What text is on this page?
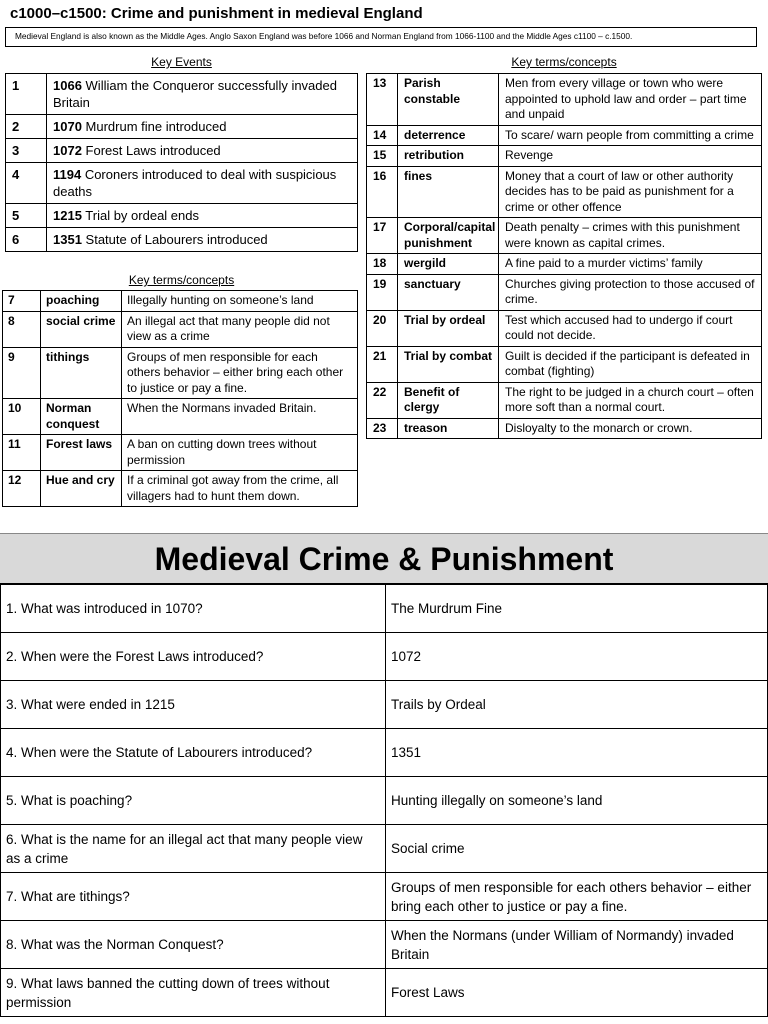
c1000–c1500: Crime and punishment in medieval England
Medieval England is also known as the Middle Ages. Anglo Saxon England was before 1066 and Norman England from 1066-1100 and the Middle Ages c1100 – c.1500.
Key Events	Key terms/concepts
1	1066 William the Conqueror successfully invaded Britain
2	1070 Murdrum fine introduced
3	1072 Forest Laws introduced
4	1194 Coroners introduced to deal with suspicious deaths
5	1215 Trial by ordeal ends
6	1351 Statute of Labourers introduced
Key terms/concepts
7	poaching	Illegally hunting on someone’s land
8	social crime	An illegal act that many people did not view as a crime
9	tithings	Groups of men responsible for each others behavior – either bring each other to justice or pay a fine.
10	Norman conquest	When the Normans invaded Britain.
11	Forest laws	A ban on cutting down trees without permission
12	Hue and cry	If a criminal got away from the crime, all villagers had to hunt them down.
13	Parish constable	Men from every village or town who were appointed to uphold law and order – part time and unpaid
14	deterrence	To scare/ warn people from committing a crime
15	retribution	Revenge
16	fines	Money that a court of law or other authority decides has to be paid as punishment for a crime or other offence
17	Corporal/capital punishment	Death penalty – crimes with this punishment were known as capital crimes.
18	wergild	A fine paid to a murder victims’ family
19	sanctuary	Churches giving protection to those accused of crime.
20	Trial by ordeal	Test which accused had to undergo if court could not decide.
21	Trial by combat	Guilt is decided if the participant is defeated in combat (fighting)
22	Benefit of clergy	The right to be judged in a church court – often more soft than a normal court.
23	treason	Disloyalty to the monarch or crown.
Medieval Crime & Punishment
1. What was introduced in 1070?	The Murdrum Fine
2. When were the Forest Laws introduced?	1072
3. What were ended in 1215	Trails by Ordeal
4. When were the Statute of Labourers introduced?	1351
5. What is poaching?	Hunting illegally on someone’s land
6. What is the name for an illegal act that many people view as a crime	Social crime
7. What are tithings?	Groups of men responsible for each others behavior – either bring each other to justice or pay a fine.
8. What was the Norman Conquest?	When the Normans (under William of Normandy) invaded Britain
9. What laws banned the cutting down of trees without permission	Forest Laws
